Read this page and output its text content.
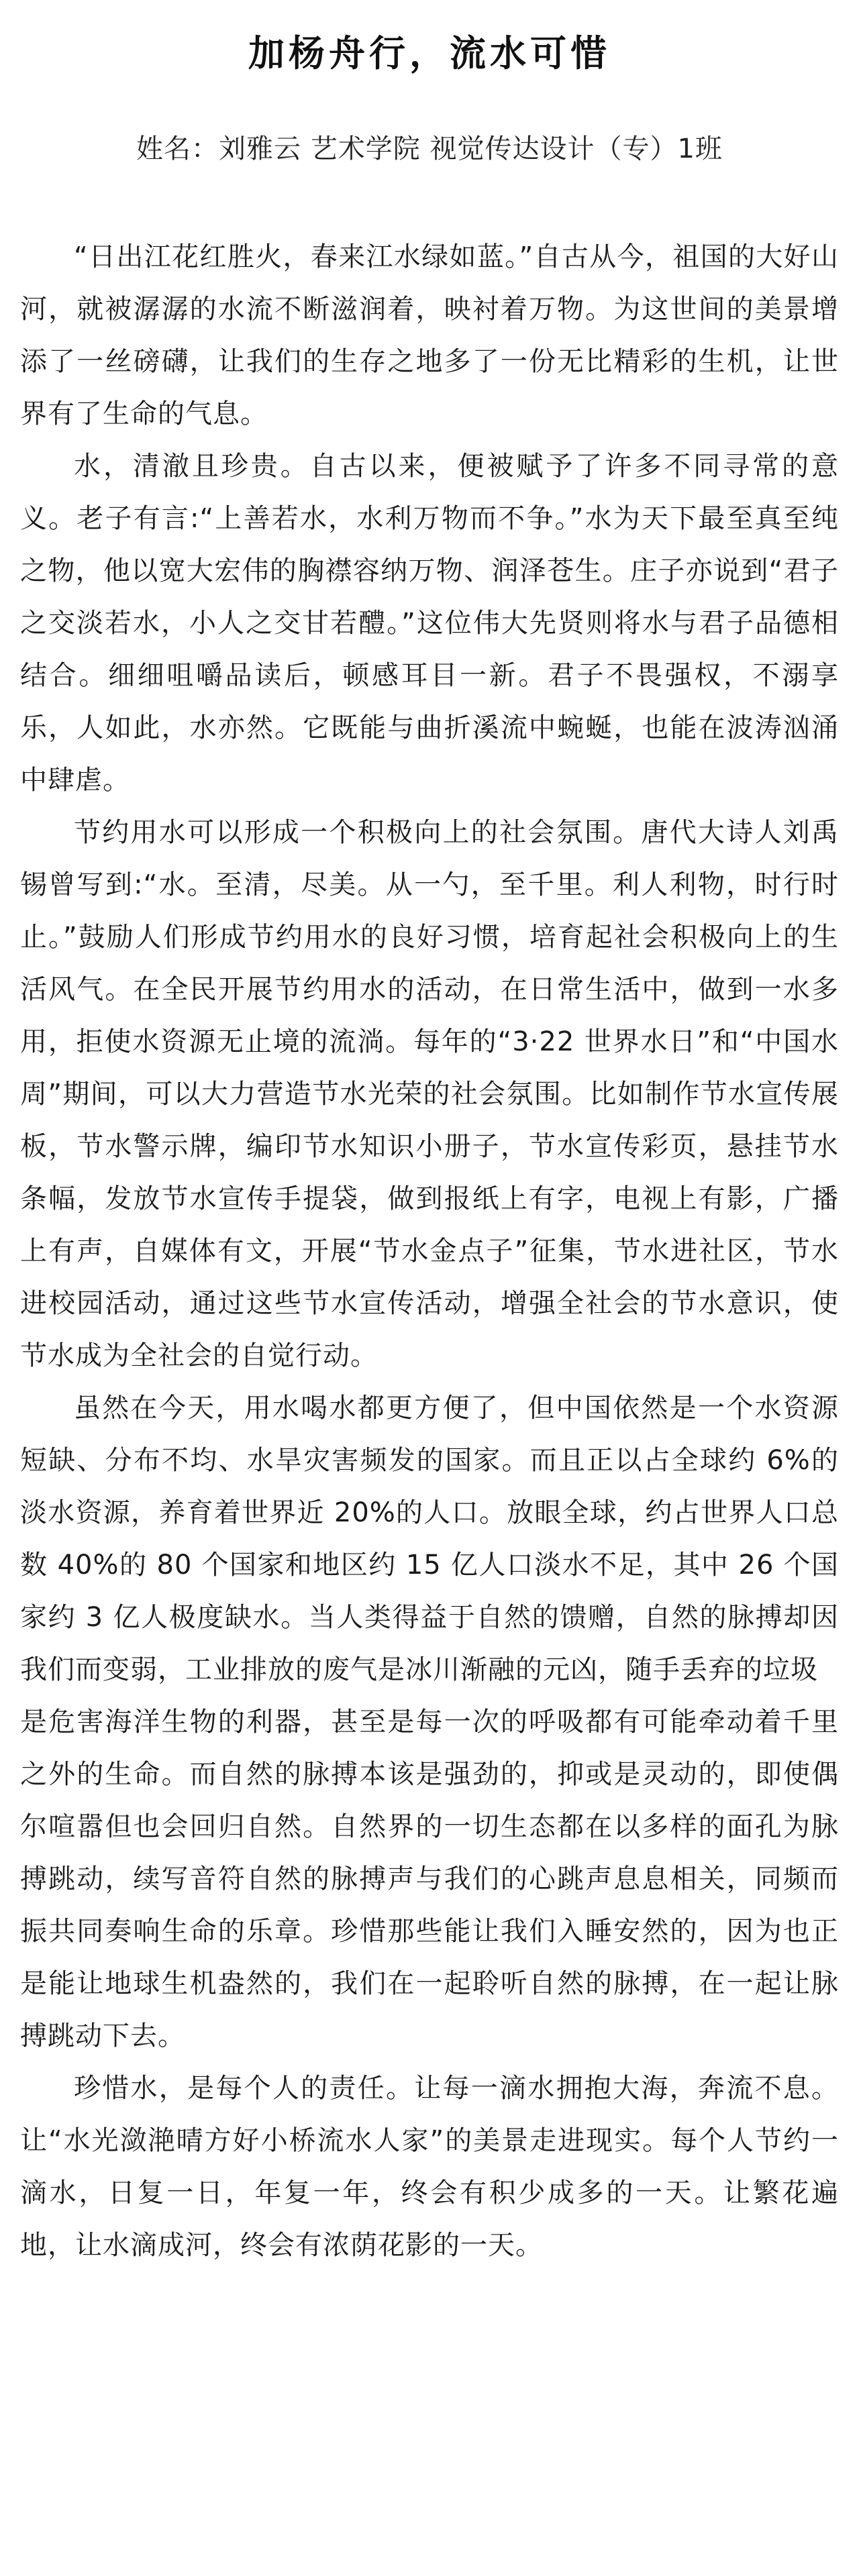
加杨舟行，流水可惜
姓名：刘雅云 艺术学院 视觉传达设计（专）1班

“日出江花红胜火，春来江水绿如蓝。”自古从今，祖国的大好山河，就被潺潺的水流不断滋润着，映衬着万物。为这世间的美景增添了一丝磅礴，让我们的生存之地多了一份无比精彩的生机，让世界有了生命的气息。

水，清澈且珍贵。自古以来，便被赋予了许多不同寻常的意义。老子有言:“上善若水，水利万物而不争。”水为天下最至真至纯之物，他以宽大宏伟的胸襟容纳万物、润泽苍生。庄子亦说到“君子之交淡若水，小人之交甘若醴。”这位伟大先贤则将水与君子品德相结合。细细咀嚼品读后，顿感耳目一新。君子不畏强权，不溺享乐，人如此，水亦然。它既能与曲折溪流中蜿蜒，也能在波涛汹涌中肆虐。

节约用水可以形成一个积极向上的社会氛围。唐代大诗人刘禹锡曾写到:“水。至清，尽美。从一勺，至千里。利人利物，时行时止。”鼓励人们形成节约用水的良好习惯，培育起社会积极向上的生活风气。在全民开展节约用水的活动，在日常生活中，做到一水多用，拒使水资源无止境的流淌。每年的“3·22 世界水日”和“中国水周”期间，可以大力营造节水光荣的社会氛围。比如制作节水宣传展板，节水警示牌，编印节水知识小册子，节水宣传彩页，悬挂节水条幅，发放节水宣传手提袋，做到报纸上有字，电视上有影，广播上有声，自媒体有文，开展“节水金点子”征集，节水进社区，节水进校园活动，通过这些节水宣传活动，增强全社会的节水意识，使节水成为全社会的自觉行动。

虽然在今天，用水喝水都更方便了，但中国依然是一个水资源短缺、分布不均、水旱灾害频发的国家。而且正以占全球约 6%的淡水资源，养育着世界近 20%的人口。放眼全球，约占世界人口总数 40%的 80 个国家和地区约 15 亿人口淡水不足，其中 26 个国家约 3 亿人极度缺水。当人类得益于自然的馈赠，自然的脉搏却因我们而变弱，工业排放的废气是冰川渐融的元凶，随手丢弃的垃圾

是危害海洋生物的利器，甚至是每一次的呼吸都有可能牵动着千里之外的生命。而自然的脉搏本该是强劲的，抑或是灵动的，即使偶尔喧嚣但也会回归自然。自然界的一切生态都在以多样的面孔为脉搏跳动，续写音符自然的脉搏声与我们的心跳声息息相关，同频而振共同奏响生命的乐章。珍惜那些能让我们入睡安然的，因为也正是能让地球生机盎然的，我们在一起聆听自然的脉搏，在一起让脉搏跳动下去。

珍惜水，是每个人的责任。让每一滴水拥抱大海，奔流不息。让“水光潋滟晴方好小桥流水人家”的美景走进现实。每个人节约一滴水，日复一日，年复一年，终会有积少成多的一天。让繁花遍地，让水滴成河，终会有浓荫花影的一天。
